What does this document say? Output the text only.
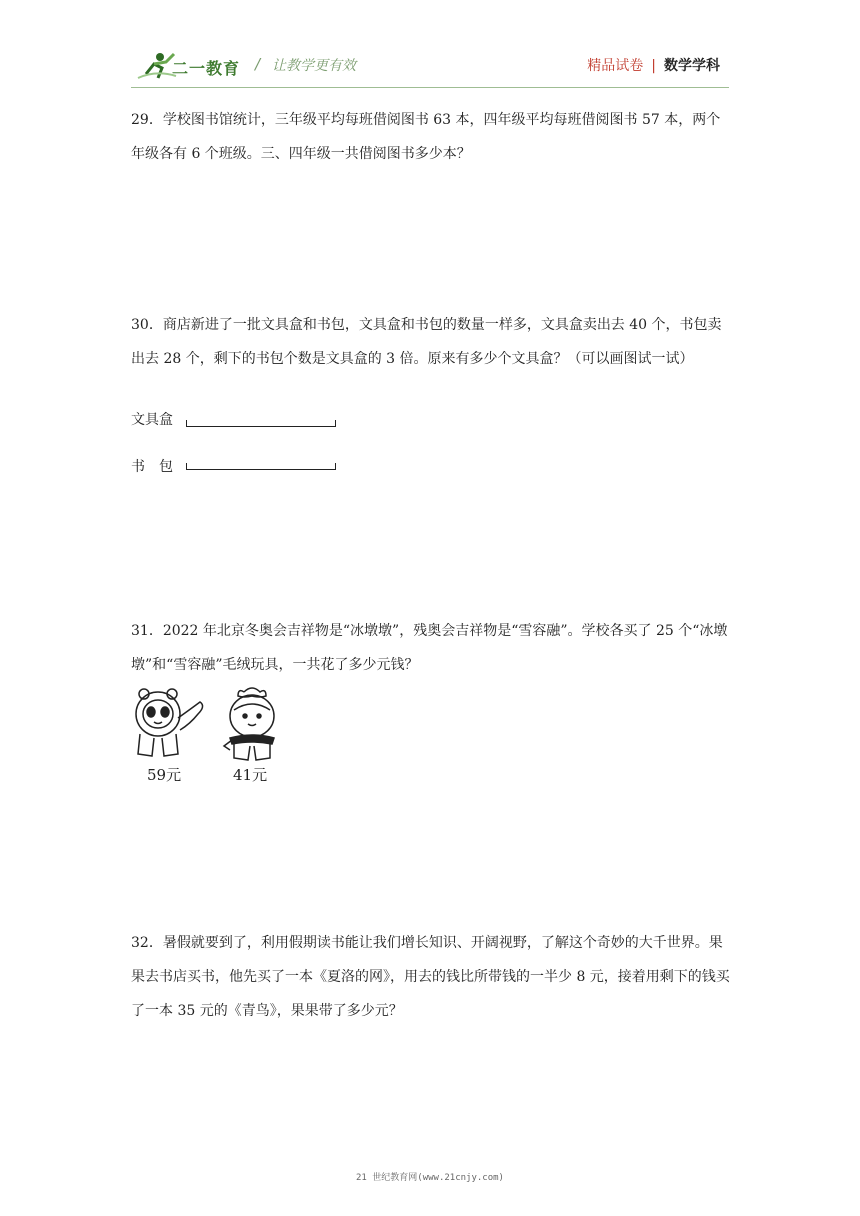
二一教育 / 让教学更有效	精品试卷 | 数学学科
29．学校图书馆统计，三年级平均每班借阅图书 63 本，四年级平均每班借阅图书 57 本，两个年级各有 6 个班级。三、四年级一共借阅图书多少本？
30．商店新进了一批文具盒和书包，文具盒和书包的数量一样多，文具盒卖出去 40 个，书包卖出去 28 个，剩下的书包个数是文具盒的 3 倍。原来有多少个文具盒？（可以画图试一试）
文具盒
书　包
31．2022 年北京冬奥会吉祥物是“冰墩墩”，残奥会吉祥物是“雪容融”。学校各买了 25 个“冰墩墩”和“雪容融”毛绒玩具，一共花了多少元钱？
59元	41元
32．暑假就要到了，利用假期读书能让我们增长知识、开阔视野，了解这个奇妙的大千世界。果果去书店买书，他先买了一本《夏洛的网》，用去的钱比所带钱的一半少 8 元，接着用剩下的钱买了一本 35 元的《青鸟》，果果带了多少元？
21 世纪教育网(www.21cnjy.com)
